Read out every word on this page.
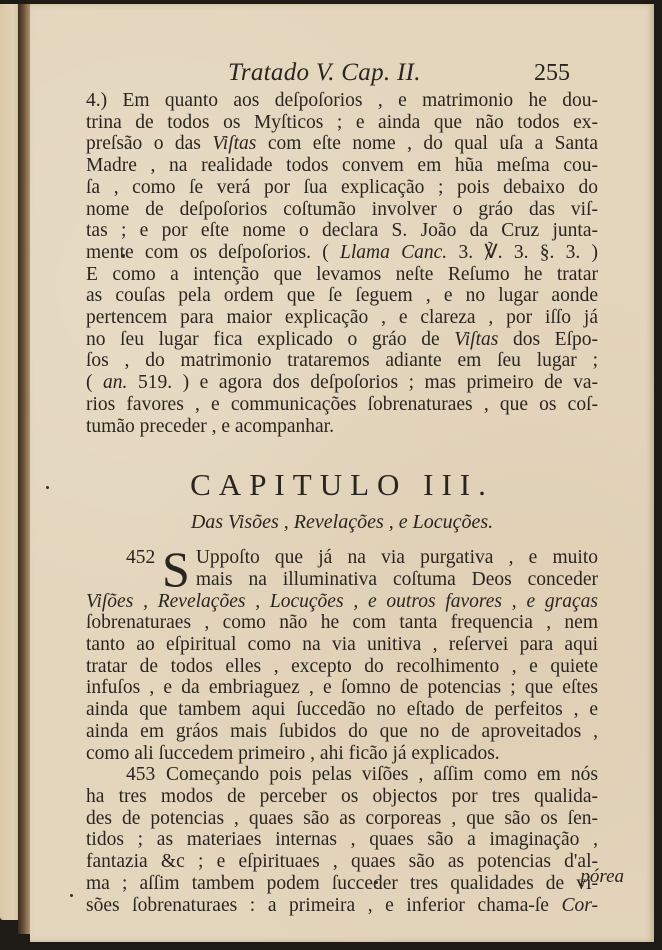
Tratado V. Cap. II.	255
4.) Em quanto aos deſpoſorios , e matrimonio he dou-
trina de todos os Myſticos ; e ainda que não todos ex-
preſsão o das Viſtas com eſte nome , do qual uſa a Santa
Madre , na realidade todos convem em hũa meſma cou-
ſa , como ſe verá por ſua explicação ; pois debaixo do
nome de deſpoſorios coſtumão involver o gráo das viſ-
tas ; e por eſte nome o declara S. João da Cruz junta-
mente com os deſpoſorios. ( Llama Canc. 3. ℣. 3. §. 3. )
E como a intenção que levamos neſte Reſumo he tratar
as couſas pela ordem que ſe ſeguem , e no lugar aonde
pertencem para maior explicação , e clareza , por iſſo já
no ſeu lugar fica explicado o gráo de Viſtas dos Eſpo-
ſos , do matrimonio trataremos adiante em ſeu lugar ;
( an. 519. ) e agora dos deſpoſorios ; mas primeiro de va-
rios favores , e communicações ſobrenaturaes , que os coſ-
tumão preceder , e acompanhar.
CAPITULO III.
Das Visões , Revelações , e Locuções.
452 S Uppoſto que já na via purgativa , e muito
mais na illuminativa coſtuma Deos conceder
Viſões , Revelações , Locuções , e outros favores , e graças
ſobrenaturaes , como não he com tanta frequencia , nem
tanto ao eſpiritual como na via unitiva , reſervei para aqui
tratar de todos elles , excepto do recolhimento , e quiete
infuſos , e da embriaguez , e ſomno de potencias ; que eſtes
ainda que tambem aqui ſuccedão no eſtado de perfeitos , e
ainda em gráos mais ſubidos do que no de aproveitados ,
como ali ſuccedem primeiro , ahi ficão já explicados.
453 Começando pois pelas viſões , aſſim como em nós
ha tres modos de perceber os objectos por tres qualida-
des de potencias , quaes são as corporeas , que são os ſen-
tidos ; as materiaes internas , quaes são a imaginação ,
fantazia &c ; e eſpirituaes , quaes são as potencias d'al-
ma ; aſſim tambem podem ſucceder tres qualidades de vi-
sões ſobrenaturaes : a primeira , e inferior chama-ſe Cor-
pórea
